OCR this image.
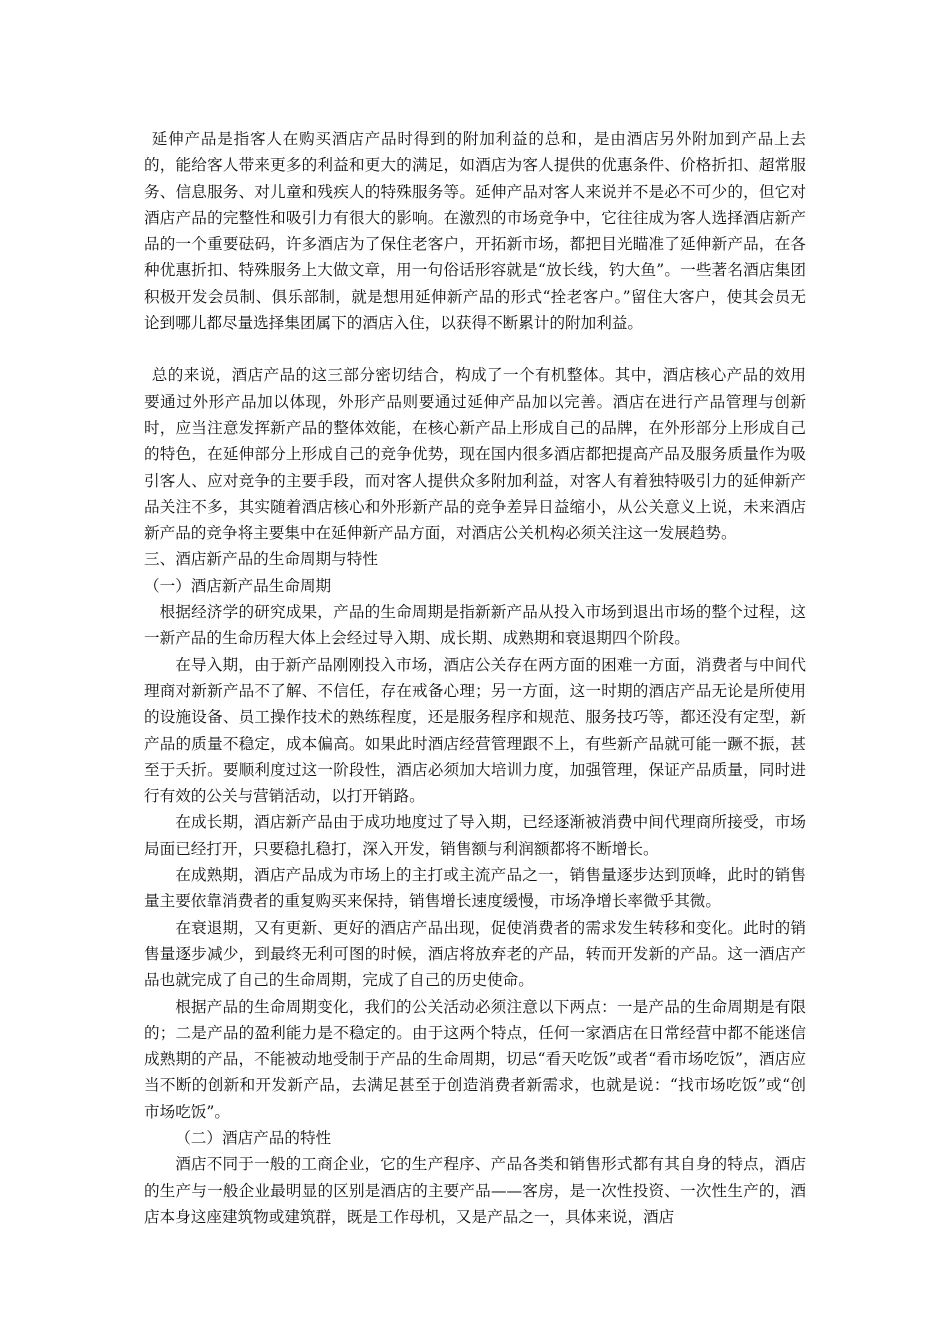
延伸产品是指客人在购买酒店产品时得到的附加利益的总和，是由酒店另外附加到产品上去的，能给客人带来更多的利益和更大的满足，如酒店为客人提供的优惠条件、价格折扣、超常服务、信息服务、对儿童和残疾人的特殊服务等。延伸产品对客人来说并不是必不可少的，但它对酒店产品的完整性和吸引力有很大的影响。在激烈的市场竞争中，它往往成为客人选择酒店新产品的一个重要砝码，许多酒店为了保住老客户，开拓新市场，都把目光瞄准了延伸新产品，在各种优惠折扣、特殊服务上大做文章，用一句俗话形容就是“放长线，钓大鱼”。一些著名酒店集团积极开发会员制、俱乐部制，就是想用延伸新产品的形式“拴老客户。”留住大客户，使其会员无论到哪儿都尽量选择集团属下的酒店入住，以获得不断累计的附加利益。

总的来说，酒店产品的这三部分密切结合，构成了一个有机整体。其中，酒店核心产品的效用要通过外形产品加以体现，外形产品则要通过延伸产品加以完善。酒店在进行产品管理与创新时，应当注意发挥新产品的整体效能，在核心新产品上形成自己的品牌，在外形部分上形成自己的特色，在延伸部分上形成自己的竞争优势，现在国内很多酒店都把提高产品及服务质量作为吸引客人、应对竞争的主要手段，而对客人提供众多附加利益，对客人有着独特吸引力的延伸新产品关注不多，其实随着酒店核心和外形新产品的竞争差异日益缩小，从公关意义上说，未来酒店新产品的竞争将主要集中在延伸新产品方面，对酒店公关机构必须关注这一发展趋势。

三、酒店新产品的生命周期与特性

（一）酒店新产品生命周期

根据经济学的研究成果，产品的生命周期是指新新产品从投入市场到退出市场的整个过程，这一新产品的生命历程大体上会经过导入期、成长期、成熟期和衰退期四个阶段。

在导入期，由于新产品刚刚投入市场，酒店公关存在两方面的困难一方面，消费者与中间代理商对新新产品不了解、不信任，存在戒备心理；另一方面，这一时期的酒店产品无论是所使用的设施设备、员工操作技术的熟练程度，还是服务程序和规范、服务技巧等，都还没有定型，新产品的质量不稳定，成本偏高。如果此时酒店经营管理跟不上，有些新产品就可能一蹶不振，甚至于夭折。要顺利度过这一阶段性，酒店必须加大培训力度，加强管理，保证产品质量，同时进行有效的公关与营销活动，以打开销路。

在成长期，酒店新产品由于成功地度过了导入期，已经逐渐被消费中间代理商所接受，市场局面已经打开，只要稳扎稳打，深入开发，销售额与利润额都将不断增长。

在成熟期，酒店产品成为市场上的主打或主流产品之一，销售量逐步达到顶峰，此时的销售量主要依靠消费者的重复购买来保持，销售增长速度缓慢，市场净增长率微乎其微。

在衰退期，又有更新、更好的酒店产品出现，促使消费者的需求发生转移和变化。此时的销售量逐步减少，到最终无利可图的时候，酒店将放弃老的产品，转而开发新的产品。这一酒店产品也就完成了自己的生命周期，完成了自己的历史使命。

根据产品的生命周期变化，我们的公关活动必须注意以下两点：一是产品的生命周期是有限的；二是产品的盈利能力是不稳定的。由于这两个特点，任何一家酒店在日常经营中都不能迷信成熟期的产品，不能被动地受制于产品的生命周期，切忌“看天吃饭”或者“看市场吃饭”，酒店应当不断的创新和开发新产品，去满足甚至于创造消费者新需求，也就是说：“找市场吃饭”或“创市场吃饭”。

（二）酒店产品的特性

酒店不同于一般的工商企业，它的生产程序、产品各类和销售形式都有其自身的特点，酒店的生产与一般企业最明显的区别是酒店的主要产品——客房，是一次性投资、一次性生产的，酒店本身这座建筑物或建筑群，既是工作母机，又是产品之一，具体来说，酒店
